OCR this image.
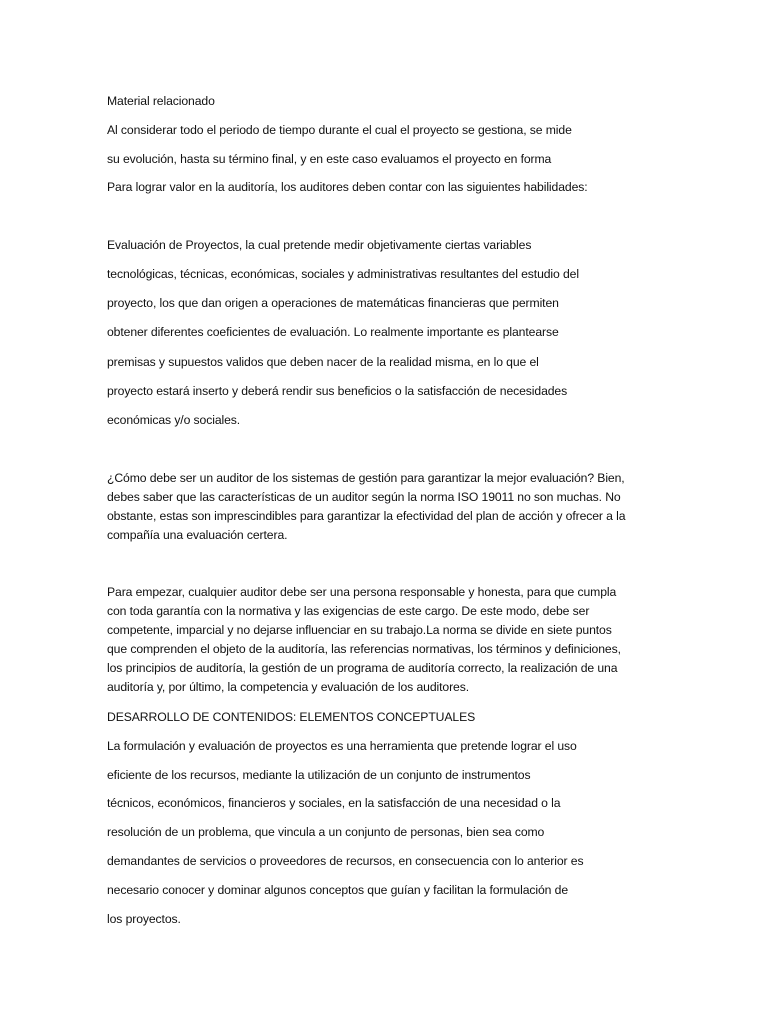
Material relacionado
Al considerar todo el periodo de tiempo durante el cual el proyecto se gestiona, se mide
su evolución, hasta su término final, y en este caso evaluamos el proyecto en forma
Para lograr valor en la auditoría, los auditores deben contar con las siguientes habilidades:
Evaluación de Proyectos, la cual pretende medir objetivamente ciertas variables
tecnológicas, técnicas, económicas, sociales y administrativas resultantes del estudio del
proyecto, los que dan origen a operaciones de matemáticas financieras que permiten
obtener diferentes coeficientes de evaluación. Lo realmente importante es plantearse
premisas y supuestos validos que deben nacer de la realidad misma, en lo que el
proyecto estará inserto y deberá rendir sus beneficios o la satisfacción de necesidades
económicas y/o sociales.
¿Cómo debe ser un auditor de los sistemas de gestión para garantizar la mejor evaluación? Bien,
debes saber que las características de un auditor según la norma ISO 19011 no son muchas. No
obstante, estas son imprescindibles para garantizar la efectividad del plan de acción y ofrecer a la
compañía una evaluación certera.
Para empezar, cualquier auditor debe ser una persona responsable y honesta, para que cumpla
con toda garantía con la normativa y las exigencias de este cargo. De este modo, debe ser
competente, imparcial y no dejarse influenciar en su trabajo.La norma se divide en siete puntos
que comprenden el objeto de la auditoría, las referencias normativas, los términos y definiciones,
los principios de auditoría, la gestión de un programa de auditoría correcto, la realización de una
auditoría y, por último, la competencia y evaluación de los auditores.
DESARROLLO DE CONTENIDOS: ELEMENTOS CONCEPTUALES
La formulación y evaluación de proyectos es una herramienta que pretende lograr el uso
eficiente de los recursos, mediante la utilización de un conjunto de instrumentos
técnicos, económicos, financieros y sociales, en la satisfacción de una necesidad o la
resolución de un problema, que vincula a un conjunto de personas, bien sea como
demandantes de servicios o proveedores de recursos, en consecuencia con lo anterior es
necesario conocer y dominar algunos conceptos que guían y facilitan la formulación de
los proyectos.
